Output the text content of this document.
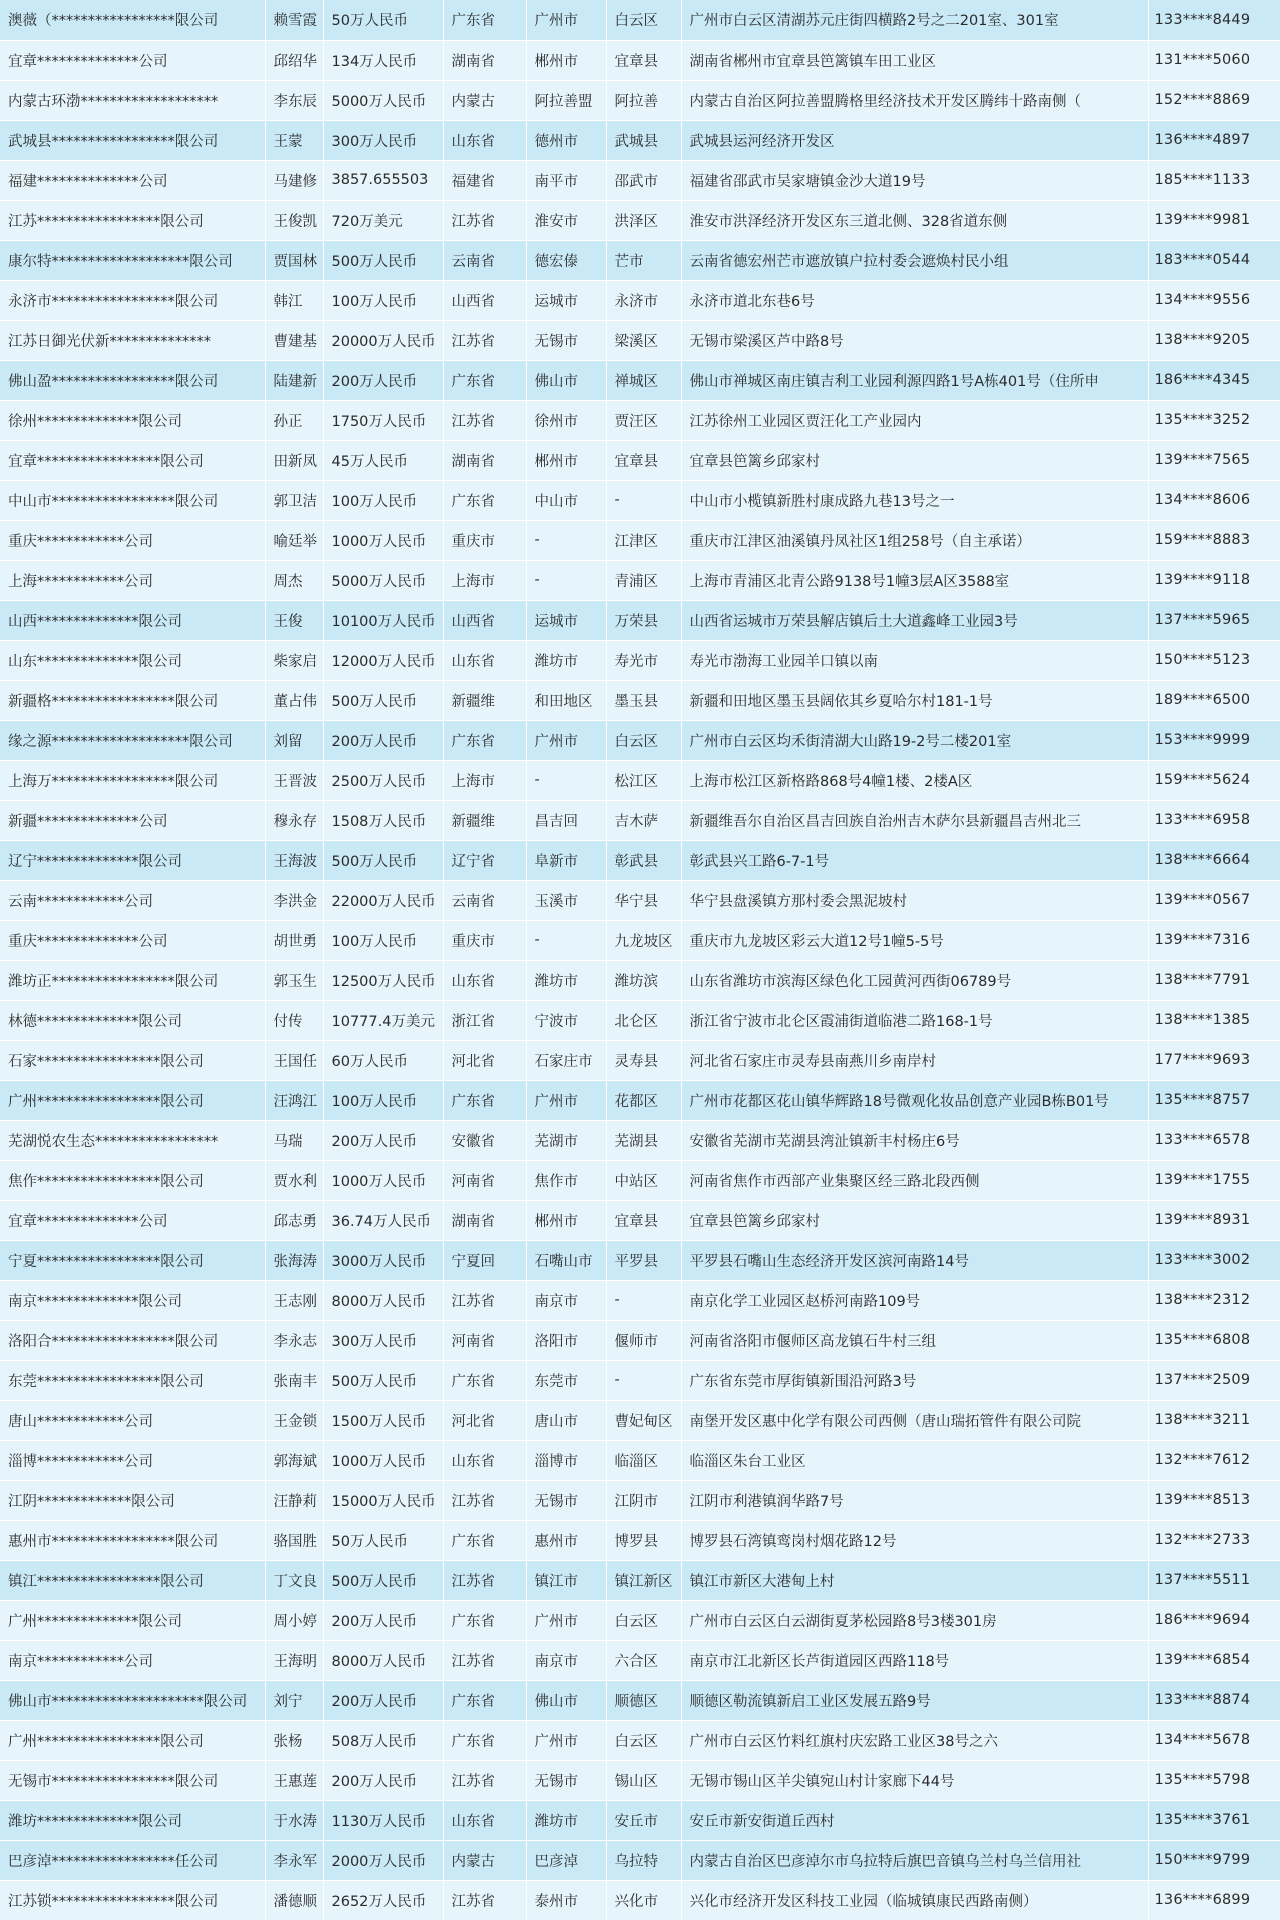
澳薇（*****************限公司	赖雪霞	50万人民币	广东省	广州市	白云区	广州市白云区清湖苏元庄街四横路2号之二201室、301室	133****8449
宜章**************公司	邱绍华	134万人民币	湖南省	郴州市	宜章县	湖南省郴州市宜章县笆篱镇车田工业区	131****5060
内蒙古环渤*******************	李东辰	5000万人民币	内蒙古	阿拉善盟	阿拉善	内蒙古自治区阿拉善盟腾格里经济技术开发区腾纬十路南侧（	152****8869
武城县*****************限公司	王蒙	300万人民币	山东省	德州市	武城县	武城县运河经济开发区	136****4897
福建**************公司	马建修	3857.655503	福建省	南平市	邵武市	福建省邵武市吴家塘镇金沙大道19号	185****1133
江苏*****************限公司	王俊凯	720万美元	江苏省	淮安市	洪泽区	淮安市洪泽经济开发区东三道北侧、328省道东侧	139****9981
康尔特*******************限公司	贾国林	500万人民币	云南省	德宏傣	芒市	云南省德宏州芒市遮放镇户拉村委会遮焕村民小组	183****0544
永济市*****************限公司	韩江	100万人民币	山西省	运城市	永济市	永济市道北东巷6号	134****9556
江苏日御光伏新**************	曹建基	20000万人民币	江苏省	无锡市	梁溪区	无锡市梁溪区芦中路8号	138****9205
佛山盈*****************限公司	陆建新	200万人民币	广东省	佛山市	禅城区	佛山市禅城区南庄镇吉利工业园利源四路1号A栋401号（住所申	186****4345
徐州**************限公司	孙正	1750万人民币	江苏省	徐州市	贾汪区	江苏徐州工业园区贾汪化工产业园内	135****3252
宜章*****************限公司	田新凤	45万人民币	湖南省	郴州市	宜章县	宜章县笆篱乡邱家村	139****7565
中山市*****************限公司	郭卫洁	100万人民币	广东省	中山市	-	中山市小榄镇新胜村康成路九巷13号之一	134****8606
重庆************公司	喻廷举	1000万人民币	重庆市	-	江津区	重庆市江津区油溪镇丹凤社区1组258号（自主承诺）	159****8883
上海************公司	周杰	5000万人民币	上海市	-	青浦区	上海市青浦区北青公路9138号1幢3层A区3588室	139****9118
山西**************限公司	王俊	10100万人民币	山西省	运城市	万荣县	山西省运城市万荣县解店镇后土大道鑫峰工业园3号	137****5965
山东**************限公司	柴家启	12000万人民币	山东省	潍坊市	寿光市	寿光市渤海工业园羊口镇以南	150****5123
新疆格*****************限公司	董占伟	500万人民币	新疆维	和田地区	墨玉县	新疆和田地区墨玉县阔依其乡夏哈尔村181-1号	189****6500
缘之源*******************限公司	刘留	200万人民币	广东省	广州市	白云区	广州市白云区均禾街清湖大山路19-2号二楼201室	153****9999
上海万*****************限公司	王晋波	2500万人民币	上海市	-	松江区	上海市松江区新格路868号4幢1楼、2楼A区	159****5624
新疆**************公司	穆永存	1508万人民币	新疆维	昌吉回	吉木萨	新疆维吾尔自治区昌吉回族自治州吉木萨尔县新疆昌吉州北三	133****6958
辽宁**************限公司	王海波	500万人民币	辽宁省	阜新市	彰武县	彰武县兴工路6-7-1号	138****6664
云南************公司	李洪金	22000万人民币	云南省	玉溪市	华宁县	华宁县盘溪镇方那村委会黑泥坡村	139****0567
重庆**************公司	胡世勇	100万人民币	重庆市	-	九龙坡区	重庆市九龙坡区彩云大道12号1幢5-5号	139****7316
潍坊正*****************限公司	郭玉生	12500万人民币	山东省	潍坊市	潍坊滨	山东省潍坊市滨海区绿色化工园黄河西街06789号	138****7791
林德**************限公司	付传	10777.4万美元	浙江省	宁波市	北仑区	浙江省宁波市北仑区霞浦街道临港二路168-1号	138****1385
石家*****************限公司	王国任	60万人民币	河北省	石家庄市	灵寿县	河北省石家庄市灵寿县南燕川乡南岸村	177****9693
广州*****************限公司	汪鸿江	100万人民币	广东省	广州市	花都区	广州市花都区花山镇华辉路18号微观化妆品创意产业园B栋B01号	135****8757
芜湖悦农生态*****************	马瑞	200万人民币	安徽省	芜湖市	芜湖县	安徽省芜湖市芜湖县湾沚镇新丰村杨庄6号	133****6578
焦作*****************限公司	贾水利	1000万人民币	河南省	焦作市	中站区	河南省焦作市西部产业集聚区经三路北段西侧	139****1755
宜章**************公司	邱志勇	36.74万人民币	湖南省	郴州市	宜章县	宜章县笆篱乡邱家村	139****8931
宁夏*****************限公司	张海涛	3000万人民币	宁夏回	石嘴山市	平罗县	平罗县石嘴山生态经济开发区滨河南路14号	133****3002
南京**************限公司	王志刚	8000万人民币	江苏省	南京市	-	南京化学工业园区赵桥河南路109号	138****2312
洛阳合*****************限公司	李永志	300万人民币	河南省	洛阳市	偃师市	河南省洛阳市偃师区高龙镇石牛村三组	135****6808
东莞*****************限公司	张南丰	500万人民币	广东省	东莞市	-	广东省东莞市厚街镇新围沿河路3号	137****2509
唐山************公司	王金锁	1500万人民币	河北省	唐山市	曹妃甸区	南堡开发区惠中化学有限公司西侧（唐山瑞拓管件有限公司院	138****3211
淄博************公司	郭海斌	1000万人民币	山东省	淄博市	临淄区	临淄区朱台工业区	132****7612
江阴*************限公司	汪静莉	15000万人民币	江苏省	无锡市	江阴市	江阴市利港镇润华路7号	139****8513
惠州市*****************限公司	骆国胜	50万人民币	广东省	惠州市	博罗县	博罗县石湾镇鸾岗村烟花路12号	132****2733
镇江*****************限公司	丁文良	500万人民币	江苏省	镇江市	镇江新区	镇江市新区大港甸上村	137****5511
广州**************限公司	周小婷	200万人民币	广东省	广州市	白云区	广州市白云区白云湖街夏茅松园路8号3楼301房	186****9694
南京************公司	王海明	8000万人民币	江苏省	南京市	六合区	南京市江北新区长芦街道园区西路118号	139****6854
佛山市*********************限公司	刘宁	200万人民币	广东省	佛山市	顺德区	顺德区勒流镇新启工业区发展五路9号	133****8874
广州*****************限公司	张杨	508万人民币	广东省	广州市	白云区	广州市白云区竹料红旗村庆宏路工业区38号之六	134****5678
无锡市*****************限公司	王惠莲	200万人民币	江苏省	无锡市	锡山区	无锡市锡山区羊尖镇宛山村计家廊下44号	135****5798
潍坊**************限公司	于水涛	1130万人民币	山东省	潍坊市	安丘市	安丘市新安街道丘西村	135****3761
巴彦淖*****************任公司	李永军	2000万人民币	内蒙古	巴彦淖	乌拉特	内蒙古自治区巴彦淖尔市乌拉特后旗巴音镇乌兰村乌兰信用社	150****9799
江苏锁*****************限公司	潘德顺	2652万人民币	江苏省	泰州市	兴化市	兴化市经济开发区科技工业园（临城镇康民西路南侧）	136****6899
